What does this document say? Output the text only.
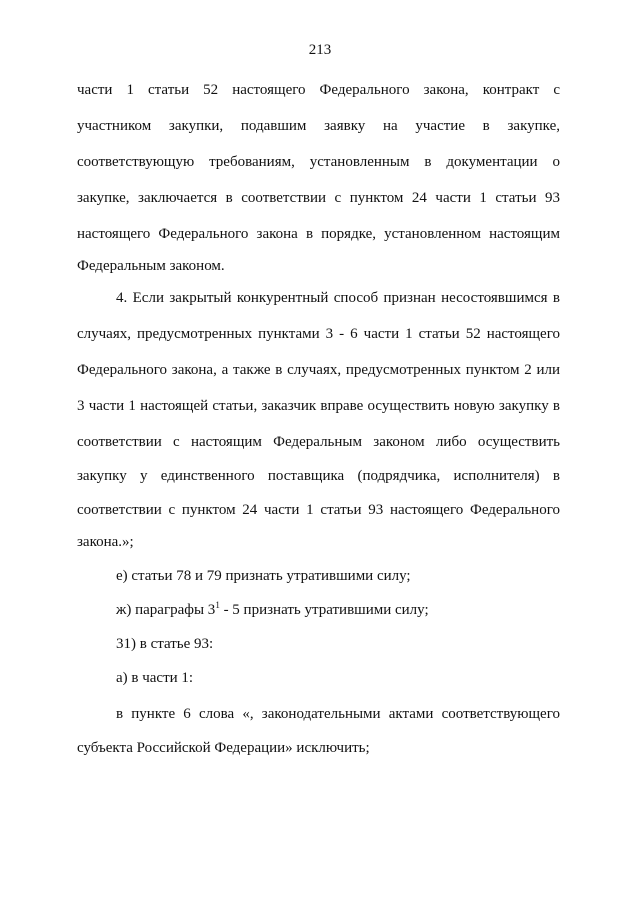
213
части 1 статьи 52 настоящего Федерального закона, контракт с
участником закупки, подавшим заявку на участие в закупке,
соответствующую требованиям, установленным в документации о
закупке, заключается в соответствии с пунктом 24 части 1 статьи 93
настоящего Федерального закона в порядке, установленном настоящим
Федеральным законом.
4. Если закрытый конкурентный способ признан несостоявшимся в
случаях, предусмотренных пунктами 3 - 6 части 1 статьи 52 настоящего
Федерального закона, а также в случаях, предусмотренных пунктом 2 или
3 части 1 настоящей статьи, заказчик вправе осуществить новую закупку в
соответствии с настоящим Федеральным законом либо осуществить
закупку у единственного поставщика (подрядчика, исполнителя) в
соответствии с пунктом 24 части 1 статьи 93 настоящего Федерального
закона.»;
е) статьи 78 и 79 признать утратившими силу;
ж) параграфы $3^1 - 5$ признать утратившими силу;
31) в статье 93:
а) в части 1:
в пункте 6 слова «, законодательными актами соответствующего
субъекта Российской Федерации» исключить;
